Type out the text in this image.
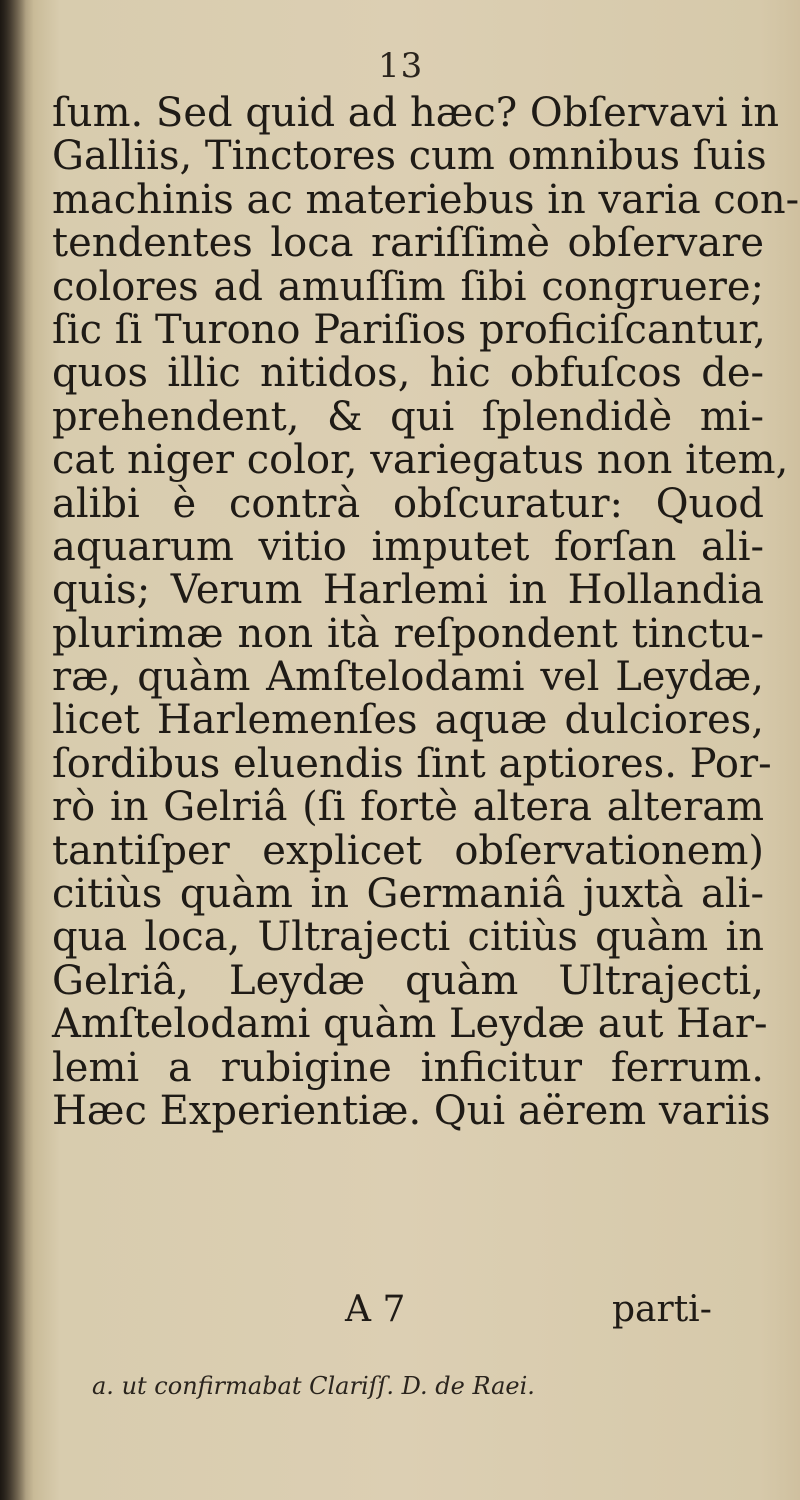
13
ſum. Sed quid ad hæc? Obſervavi in
Galliis, Tinctores cum omnibus ſuis
machinis ac materiebus in varia con-
tendentes loca rariſſimè obſervare
colores ad amuſſim ſibi congruere;
ſic ſi Turono Pariſios proficiſcantur,
quos illic nitidos, hic obfuſcos de-
prehendent, & qui ſplendidè mi-
cat niger color, variegatus non item,
alibi è contrà obſcuratur: Quod
aquarum vitio imputet forſan ali-
quis; Verum Harlemi in Hollandia
plurimæ non ità reſpondent tinctu-
ræ, quàm Amſtelodami vel Leydæ,
licet Harlemenſes aquæ dulciores,
ſordibus eluendis ſint aptiores. Por-
rò in Gelriâ (ſi fortè altera alteram
tantiſper explicet obſervationem)
citiùs quàm in Germaniâ juxtà ali-
qua loca, Ultrajecti citiùs quàm in
Gelriâ, Leydæ quàm Ultrajecti,
Amſtelodami quàm Leydæ aut Har-
lemi a rubigine inficitur ferrum.
Hæc Experientiæ. Qui aërem variis
A 7	parti-
a. ut confirmabat Clariſſ. D. de Raei.
